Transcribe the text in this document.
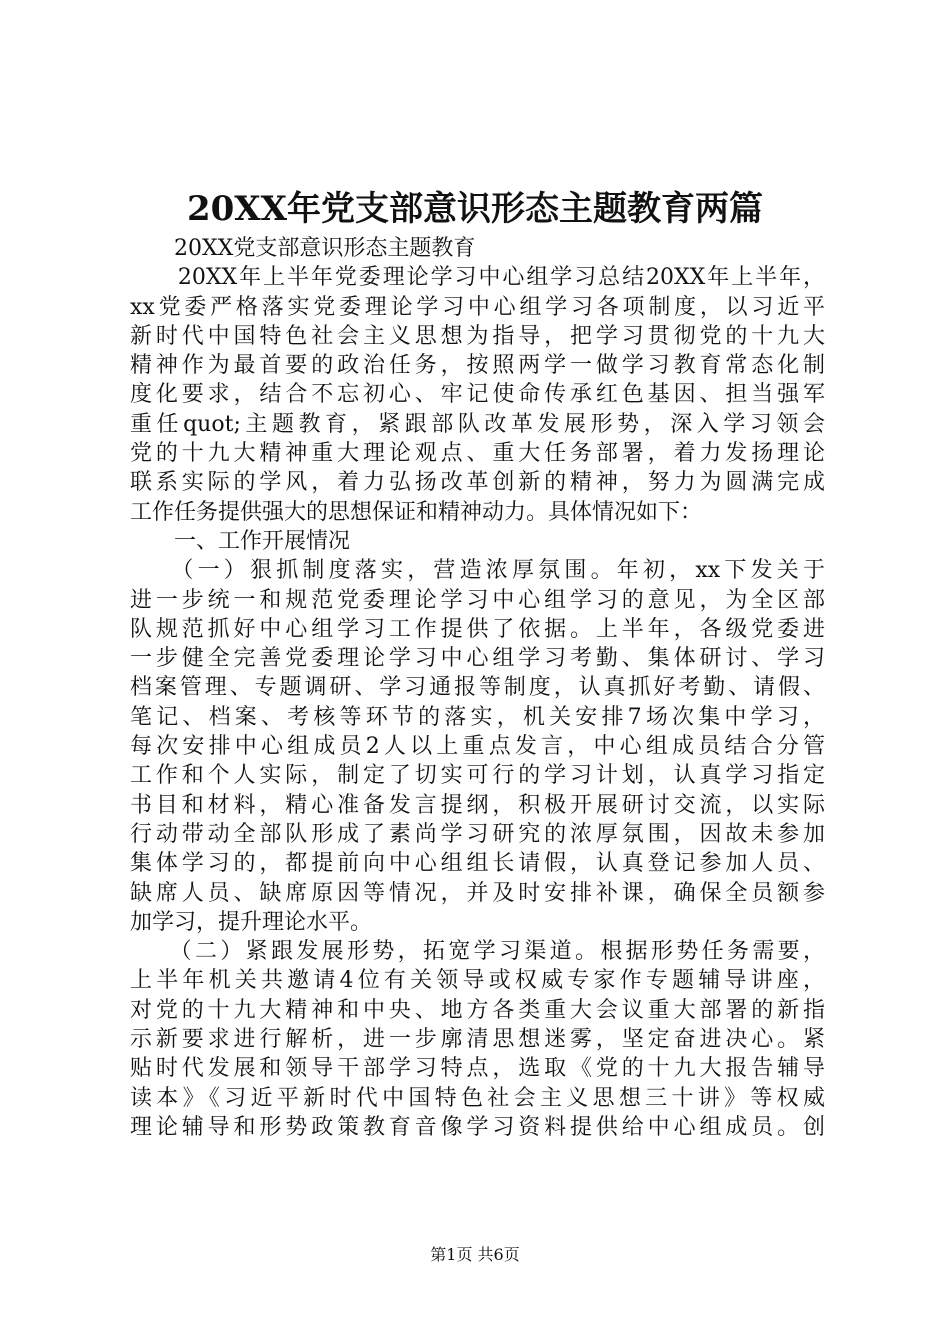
20XX年党支部意识形态主题教育两篇
　　20XX党支部意识形态主题教育
　　20XX年上半年党委理论学习中心组学习总结20XX年上半年，
xx党委严格落实党委理论学习中心组学习各项制度，以习近平
新时代中国特色社会主义思想为指导，把学习贯彻党的十九大
精神作为最首要的政治任务，按照两学一做学习教育常态化制
度化要求，结合不忘初心、牢记使命传承红色基因、担当强军
重任quot;主题教育，紧跟部队改革发展形势，深入学习领会
党的十九大精神重大理论观点、重大任务部署，着力发扬理论
联系实际的学风，着力弘扬改革创新的精神，努力为圆满完成
工作任务提供强大的思想保证和精神动力。具体情况如下：
　　一、工作开展情况
　　（一）狠抓制度落实，营造浓厚氛围。年初，xx下发关于
进一步统一和规范党委理论学习中心组学习的意见，为全区部
队规范抓好中心组学习工作提供了依据。上半年，各级党委进
一步健全完善党委理论学习中心组学习考勤、集体研讨、学习
档案管理、专题调研、学习通报等制度，认真抓好考勤、请假、
笔记、档案、考核等环节的落实，机关安排7场次集中学习，
每次安排中心组成员2人以上重点发言，中心组成员结合分管
工作和个人实际，制定了切实可行的学习计划，认真学习指定
书目和材料，精心准备发言提纲，积极开展研讨交流，以实际
行动带动全部队形成了素尚学习研究的浓厚氛围，因故未参加
集体学习的，都提前向中心组组长请假，认真登记参加人员、
缺席人员、缺席原因等情况，并及时安排补课，确保全员额参
加学习，提升理论水平。
　　（二）紧跟发展形势，拓宽学习渠道。根据形势任务需要，
上半年机关共邀请4位有关领导或权威专家作专题辅导讲座，
对党的十九大精神和中央、地方各类重大会议重大部署的新指
示新要求进行解析，进一步廓清思想迷雾，坚定奋进决心。紧
贴时代发展和领导干部学习特点，选取《党的十九大报告辅导
读本》《习近平新时代中国特色社会主义思想三十讲》等权威
理论辅导和形势政策教育音像学习资料提供给中心组成员。创
第1页 共6页
